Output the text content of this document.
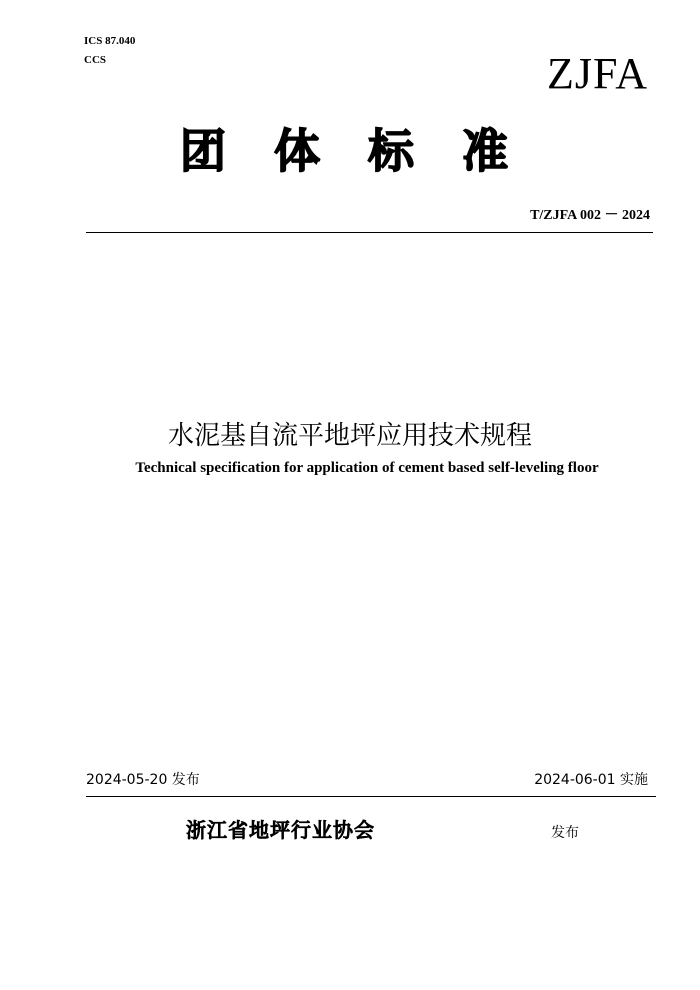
ICS 87.040
CCS	ZJFA
团体标准
T/ZJFA 002 － 2024
水泥基自流平地坪应用技术规程
Technical specification for application of cement based self-leveling floor
2024-05-20 发布	2024-06-01 实施
浙江省地坪行业协会	发布
